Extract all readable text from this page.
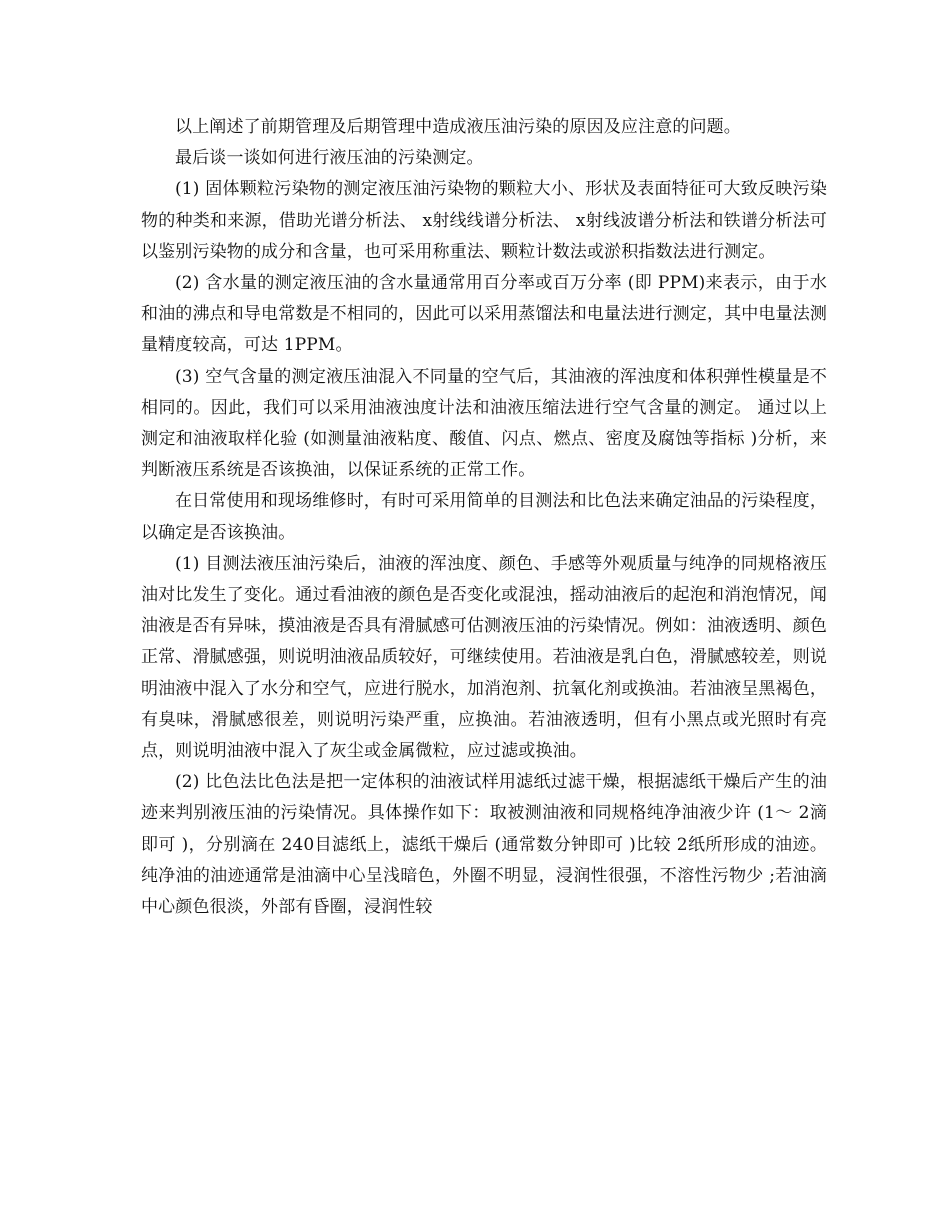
以上阐述了前期管理及后期管理中造成液压油污染的原因及应注意的问题。

最后谈一谈如何进行液压油的污染测定。

(1) 固体颗粒污染物的测定液压油污染物的颗粒大小、形状及表面特征可大致反映污染物的种类和来源，借助光谱分析法、 x射线线谱分析法、 x射线波谱分析法和铁谱分析法可以鉴别污染物的成分和含量，也可采用称重法、颗粒计数法或淤积指数法进行测定。

(2) 含水量的测定液压油的含水量通常用百分率或百万分率 (即 PPM)来表示，由于水和油的沸点和导电常数是不相同的，因此可以采用蒸馏法和电量法进行测定，其中电量法测量精度较高，可达 1PPM。

(3) 空气含量的测定液压油混入不同量的空气后，其油液的浑浊度和体积弹性模量是不相同的。因此，我们可以采用油液浊度计法和油液压缩法进行空气含量的测定。 通过以上测定和油液取样化验 (如测量油液粘度、酸值、闪点、燃点、密度及腐蚀等指标 )分析，来判断液压系统是否该换油，以保证系统的正常工作。

在日常使用和现场维修时，有时可采用简单的目测法和比色法来确定油品的污染程度，以确定是否该换油。

(1) 目测法液压油污染后，油液的浑浊度、颜色、手感等外观质量与纯净的同规格液压油对比发生了变化。通过看油液的颜色是否变化或混浊，摇动油液后的起泡和消泡情况，闻油液是否有异味，摸油液是否具有滑腻感可估测液压油的污染情况。例如：油液透明、颜色正常、滑腻感强，则说明油液品质较好，可继续使用。若油液是乳白色，滑腻感较差，则说明油液中混入了水分和空气，应进行脱水，加消泡剂、抗氧化剂或换油。若油液呈黑褐色，有臭味，滑腻感很差，则说明污染严重，应换油。若油液透明，但有小黑点或光照时有亮点，则说明油液中混入了灰尘或金属微粒，应过滤或换油。

(2) 比色法比色法是把一定体积的油液试样用滤纸过滤干燥，根据滤纸干燥后产生的油迹来判别液压油的污染情况。具体操作如下：取被测油液和同规格纯净油液少许 (1～ 2滴即可 )，分别滴在 240目滤纸上，滤纸干燥后 (通常数分钟即可 )比较 2纸所形成的油迹。纯净油的油迹通常是油滴中心呈浅暗色，外圈不明显，浸润性很强，不溶性污物少 ;若油滴中心颜色很淡，外部有昏圈，浸润性较
